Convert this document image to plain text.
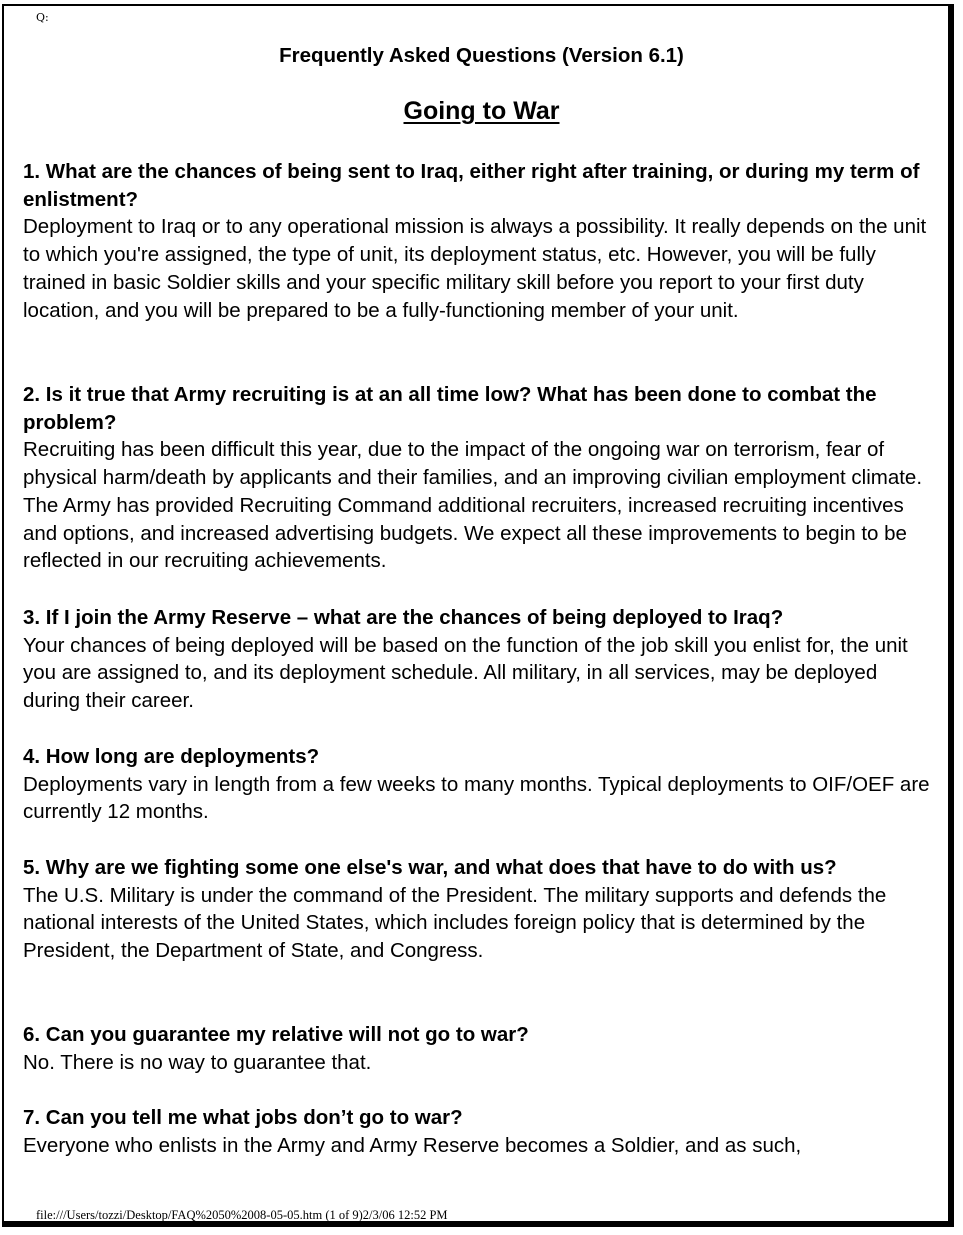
Q:
Frequently Asked Questions (Version 6.1)
Going to War

1. What are the chances of being sent to Iraq, either right after training, or during my term of enlistment?

Deployment to Iraq or to any operational mission is always a possibility. It really depends on the unit to which you're assigned, the type of unit, its deployment status, etc. However, you will be fully trained in basic Soldier skills and your specific military skill before you report to your first duty location, and you will be prepared to be a fully-functioning member of your unit.

2. Is it true that Army recruiting is at an all time low? What has been done to combat the problem?

Recruiting has been difficult this year, due to the impact of the ongoing war on terrorism, fear of physical harm/death by applicants and their families, and an improving civilian employment climate. The Army has provided Recruiting Command additional recruiters, increased recruiting incentives and options, and increased advertising budgets. We expect all these improvements to begin to be reflected in our recruiting achievements.

3. If I join the Army Reserve – what are the chances of being deployed to Iraq?

Your chances of being deployed will be based on the function of the job skill you enlist for, the unit you are assigned to, and its deployment schedule. All military, in all services, may be deployed during their career.

4. How long are deployments?

Deployments vary in length from a few weeks to many months. Typical deployments to OIF/OEF are currently 12 months.

5. Why are we fighting some one else's war, and what does that have to do with us?

The U.S. Military is under the command of the President. The military supports and defends the national interests of the United States, which includes foreign policy that is determined by the President, the Department of State, and Congress.

6. Can you guarantee my relative will not go to war?

No. There is no way to guarantee that.

7. Can you tell me what jobs don’t go to war?

Everyone who enlists in the Army and Army Reserve becomes a Soldier, and as such,

file:///Users/tozzi/Desktop/FAQ%2050%2008-05-05.htm (1 of 9)2/3/06 12:52 PM
